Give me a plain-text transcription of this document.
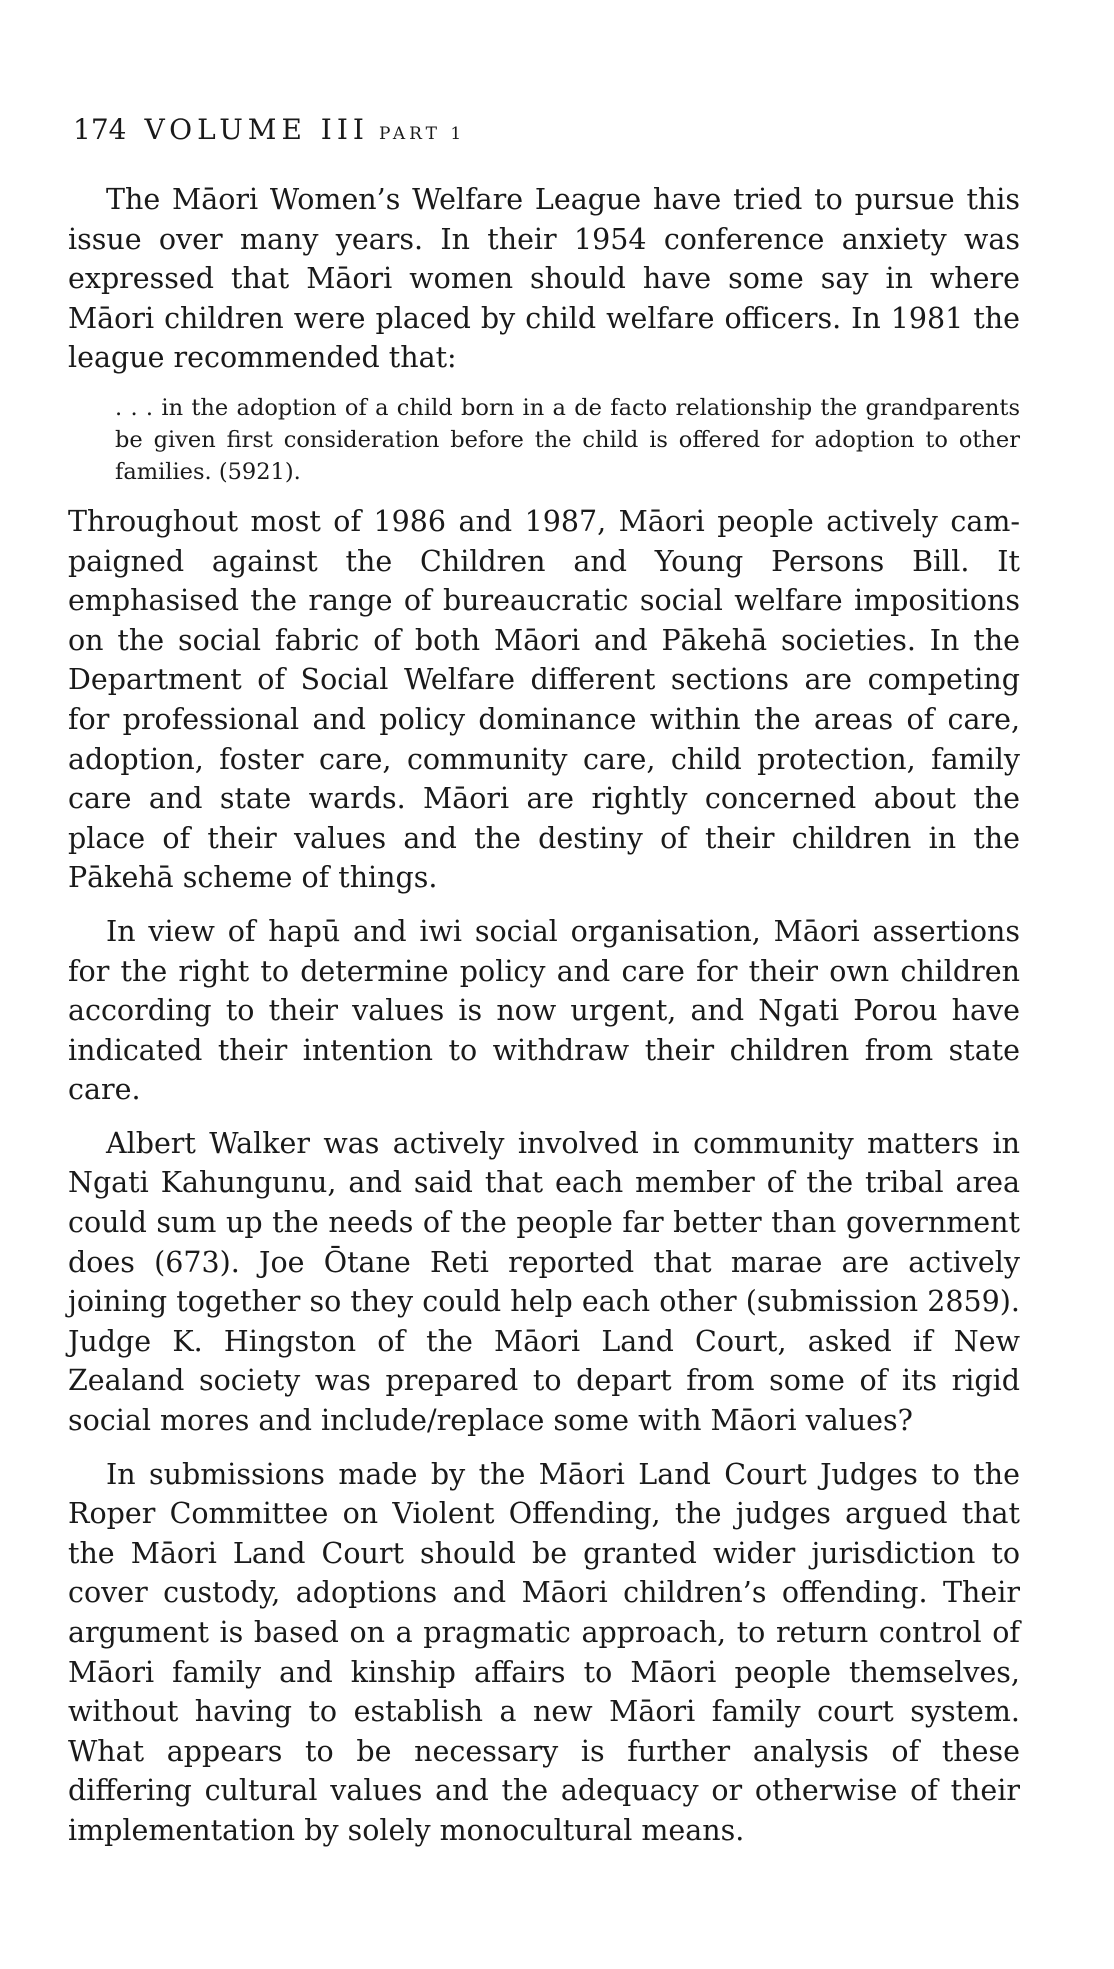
174 VOLUME III PART 1

The Māori Women’s Welfare League have tried to pursue this issue over many years. In their 1954 conference anxiety was expressed that Māori women should have some say in where Māori children were placed by child welfare officers. In 1981 the league recommended that:

. . . in the adoption of a child born in a de facto relationship the grandparents be given first consideration before the child is offered for adoption to other families. (5921).

Throughout most of 1986 and 1987, Māori people actively campaigned against the Children and Young Persons Bill. It emphasised the range of bureaucratic social welfare impositions on the social fabric of both Māori and Pākehā societies. In the Department of Social Welfare different sections are competing for professional and policy dominance within the areas of care, adoption, foster care, community care, child protection, family care and state wards. Māori are rightly concerned about the place of their values and the destiny of their children in the Pākehā scheme of things.

In view of hapū and iwi social organisation, Māori assertions for the right to determine policy and care for their own children according to their values is now urgent, and Ngati Porou have indicated their intention to withdraw their children from state care.

Albert Walker was actively involved in community matters in Ngati Kahungunu, and said that each member of the tribal area could sum up the needs of the people far better than government does (673). Joe Ōtane Reti reported that marae are actively joining together so they could help each other (submission 2859). Judge K. Hingston of the Māori Land Court, asked if New Zealand society was prepared to depart from some of its rigid social mores and include/replace some with Māori values?

In submissions made by the Māori Land Court Judges to the Roper Committee on Violent Offending, the judges argued that the Māori Land Court should be granted wider jurisdiction to cover custody, adoptions and Māori children’s offending. Their argument is based on a pragmatic approach, to return control of Māori family and kinship affairs to Māori people themselves, without having to establish a new Māori family court system. What appears to be necessary is further analysis of these differing cultural values and the adequacy or otherwise of their implementation by solely monocultural means.
